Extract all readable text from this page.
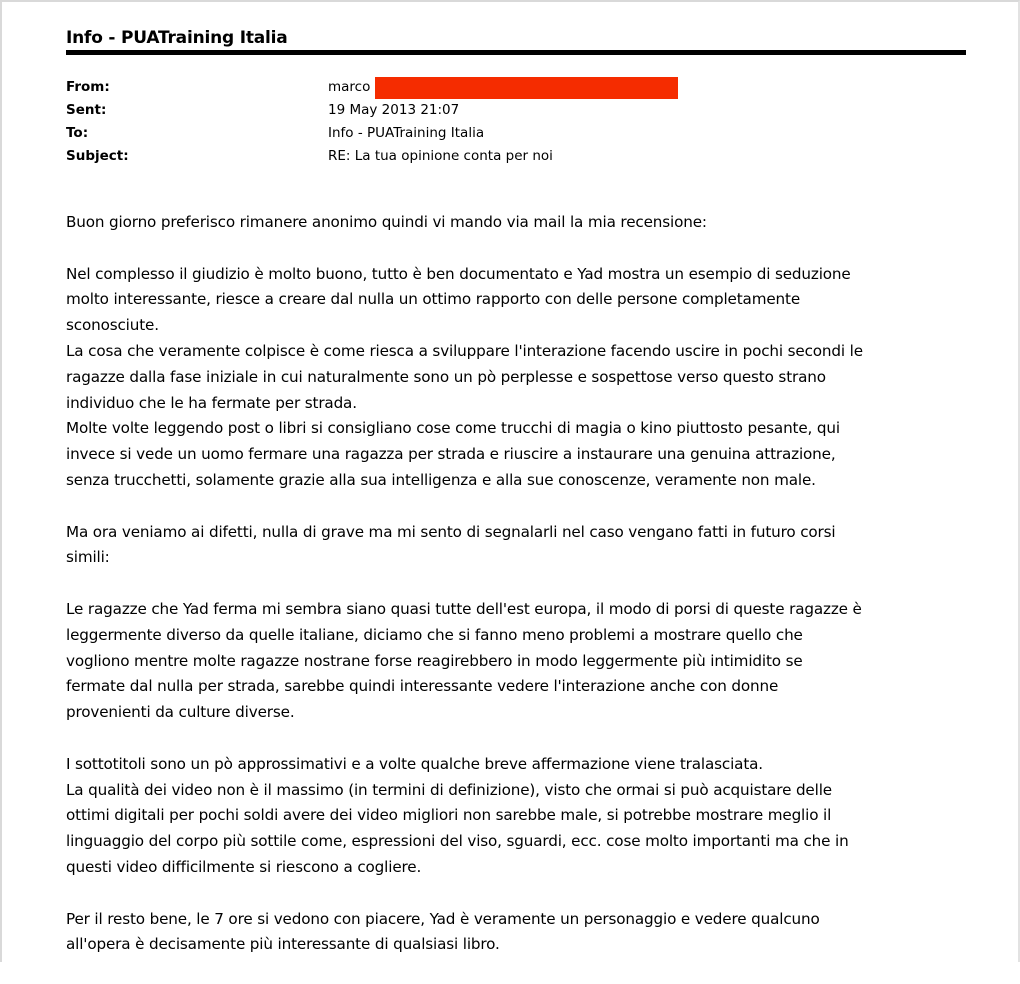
Info - PUATraining Italia
From:	marco
Sent:	19 May 2013 21:07
To:	Info - PUATraining Italia
Subject:	RE: La tua opinione conta per noi
Buon giorno preferisco rimanere anonimo quindi vi mando via mail la mia recensione:
Nel complesso il giudizio è molto buono, tutto è ben documentato e Yad mostra un esempio di seduzione
molto interessante, riesce a creare dal nulla un ottimo rapporto con delle persone completamente
sconosciute.
La cosa che veramente colpisce è come riesca a sviluppare l'interazione facendo uscire in pochi secondi le
ragazze dalla fase iniziale in cui naturalmente sono un pò perplesse e sospettose verso questo strano
individuo che le ha fermate per strada.
Molte volte leggendo post o libri si consigliano cose come trucchi di magia o kino piuttosto pesante, qui
invece si vede un uomo fermare una ragazza per strada e riuscire a instaurare una genuina attrazione,
senza trucchetti, solamente grazie alla sua intelligenza e alla sue conoscenze, veramente non male.
Ma ora veniamo ai difetti, nulla di grave ma mi sento di segnalarli nel caso vengano fatti in futuro corsi
simili:
Le ragazze che Yad ferma mi sembra siano quasi tutte dell'est europa, il modo di porsi di queste ragazze è
leggermente diverso da quelle italiane, diciamo che si fanno meno problemi a mostrare quello che
vogliono mentre molte ragazze nostrane forse reagirebbero in modo leggermente più intimidito se
fermate dal nulla per strada, sarebbe quindi interessante vedere l'interazione anche con donne
provenienti da culture diverse.
I sottotitoli sono un pò approssimativi e a volte qualche breve affermazione viene tralasciata.
La qualità dei video non è il massimo (in termini di definizione), visto che ormai si può acquistare delle
ottimi digitali per pochi soldi avere dei video migliori non sarebbe male, si potrebbe mostrare meglio il
linguaggio del corpo più sottile come, espressioni del viso, sguardi, ecc. cose molto importanti ma che in
questi video difficilmente si riescono a cogliere.
Per il resto bene, le 7 ore si vedono con piacere, Yad è veramente un personaggio e vedere qualcuno
all'opera è decisamente più interessante di qualsiasi libro.
